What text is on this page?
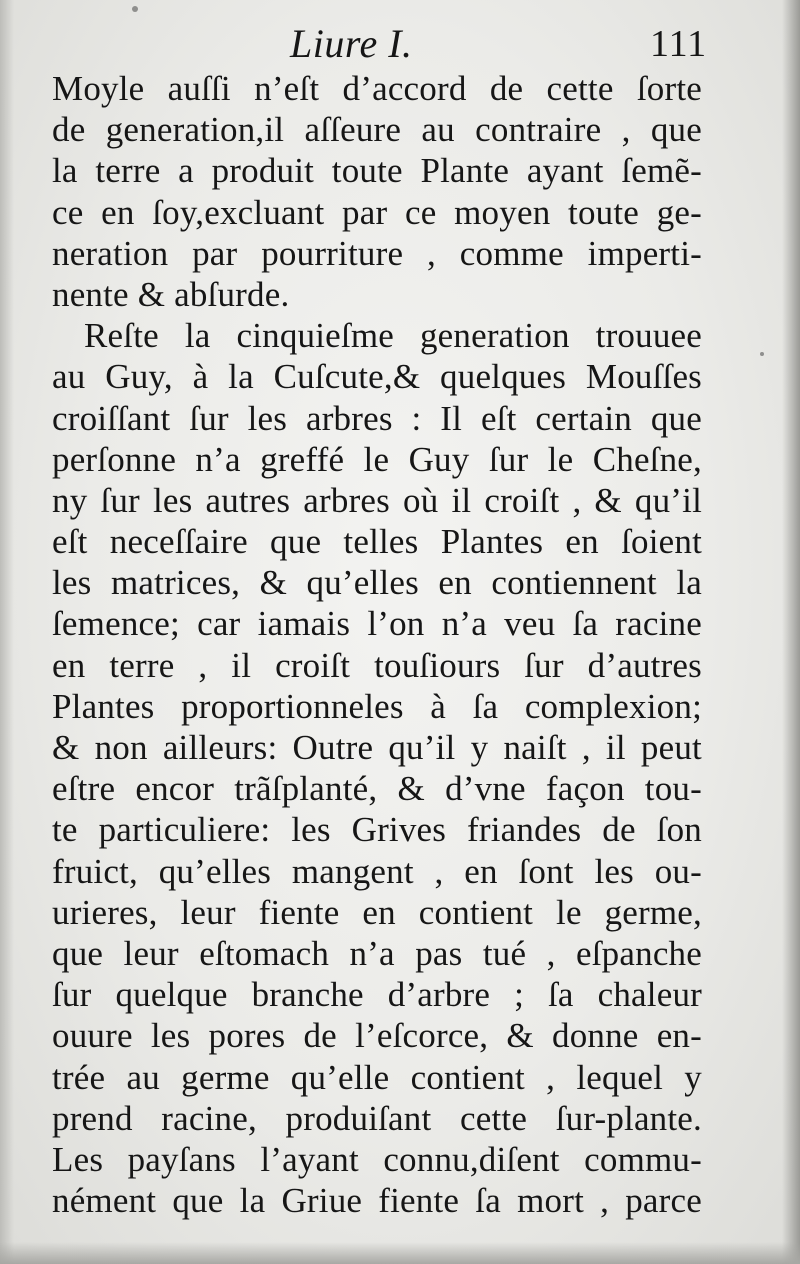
Liure I.	111
Moyle auſſi n’eſt d’accord de cette ſorte
de generation,il aſſeure au contraire , que
la terre a produit toute Plante ayant ſemẽ-
ce en ſoy,excluant par ce moyen toute ge-
neration par pourriture , comme imperti-
nente & abſurde.
Reſte la cinquieſme generation trouuee
au Guy, à la Cuſcute,& quelques Mouſſes
croiſſant ſur les arbres : Il eſt certain que
perſonne n’a greffé le Guy ſur le Cheſne,
ny ſur les autres arbres où il croiſt , & qu’il
eſt neceſſaire que telles Plantes en ſoient
les matrices, & qu’elles en contiennent la
ſemence; car iamais l’on n’a veu ſa racine
en terre , il croiſt touſiours ſur d’autres
Plantes proportionneles à ſa complexion;
& non ailleurs: Outre qu’il y naiſt , il peut
eſtre encor trãſplanté, & d’vne façon tou-
te particuliere: les Grives friandes de ſon
fruict, qu’elles mangent , en ſont les ou-
urieres, leur fiente en contient le germe,
que leur eſtomach n’a pas tué , eſpanche
ſur quelque branche d’arbre ; ſa chaleur
ouure les pores de l’eſcorce, & donne en-
trée au germe qu’elle contient , lequel y
prend racine, produiſant cette ſur-plante.
Les payſans l’ayant connu,diſent commu-
nément que la Griue fiente ſa mort , parce
